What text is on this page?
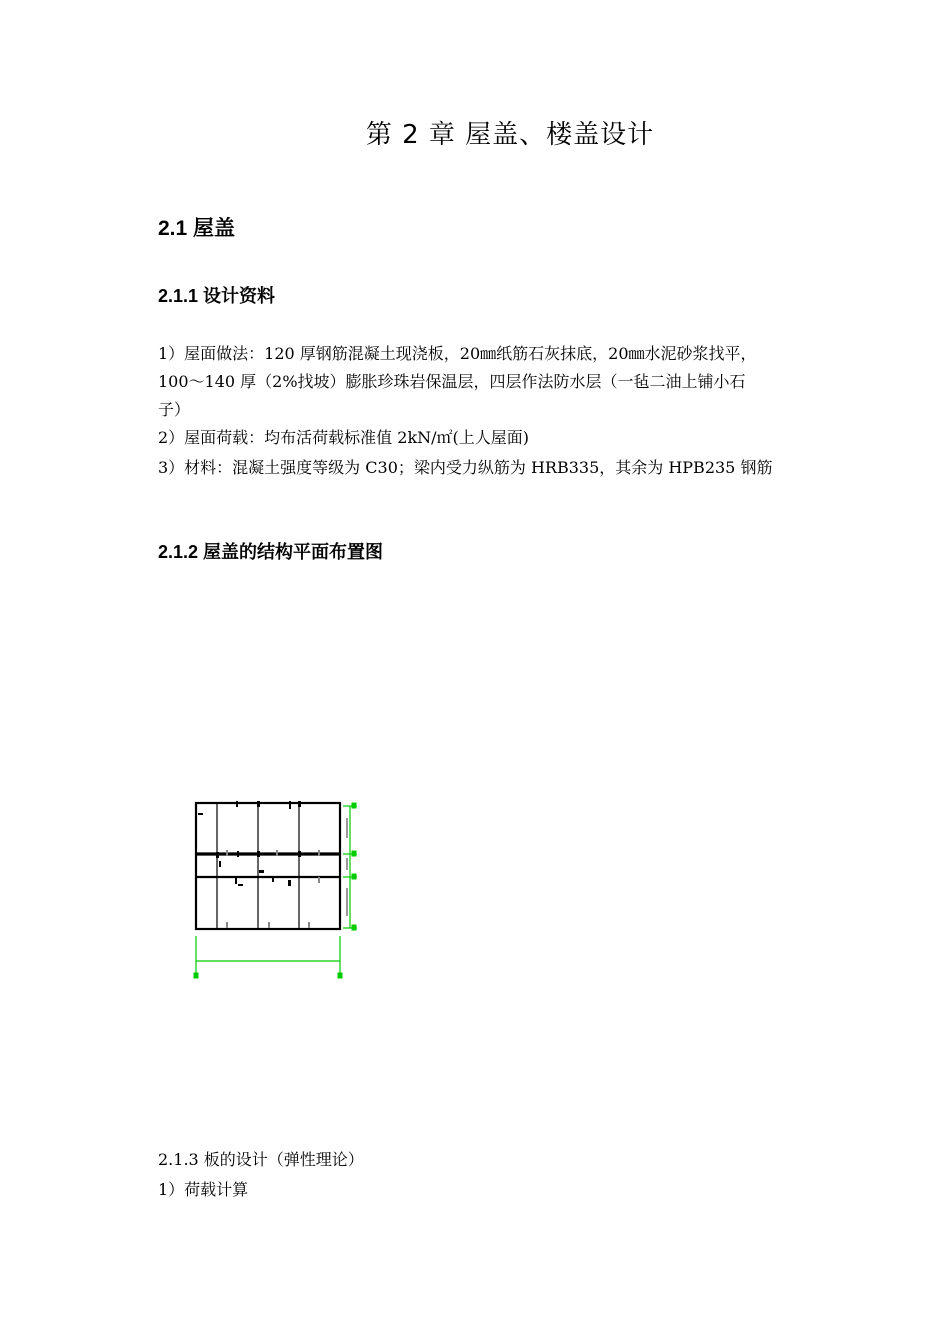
第 2 章 屋盖、楼盖设计
2.1 屋盖
2.1.1 设计资料
1）屋面做法：120 厚钢筋混凝土现浇板，20㎜纸筋石灰抹底，20㎜水泥砂浆找平，
100～140 厚（2%找坡）膨胀珍珠岩保温层，四层作法防水层（一毡二油上铺小石
子）
2）屋面荷载：均布活荷载标准值 2kN/㎡(上人屋面)
3）材料：混凝土强度等级为 C30；梁内受力纵筋为 HRB335，其余为 HPB235 钢筋
2.1.2 屋盖的结构平面布置图
2.1.3 板的设计（弹性理论）
1）荷载计算
